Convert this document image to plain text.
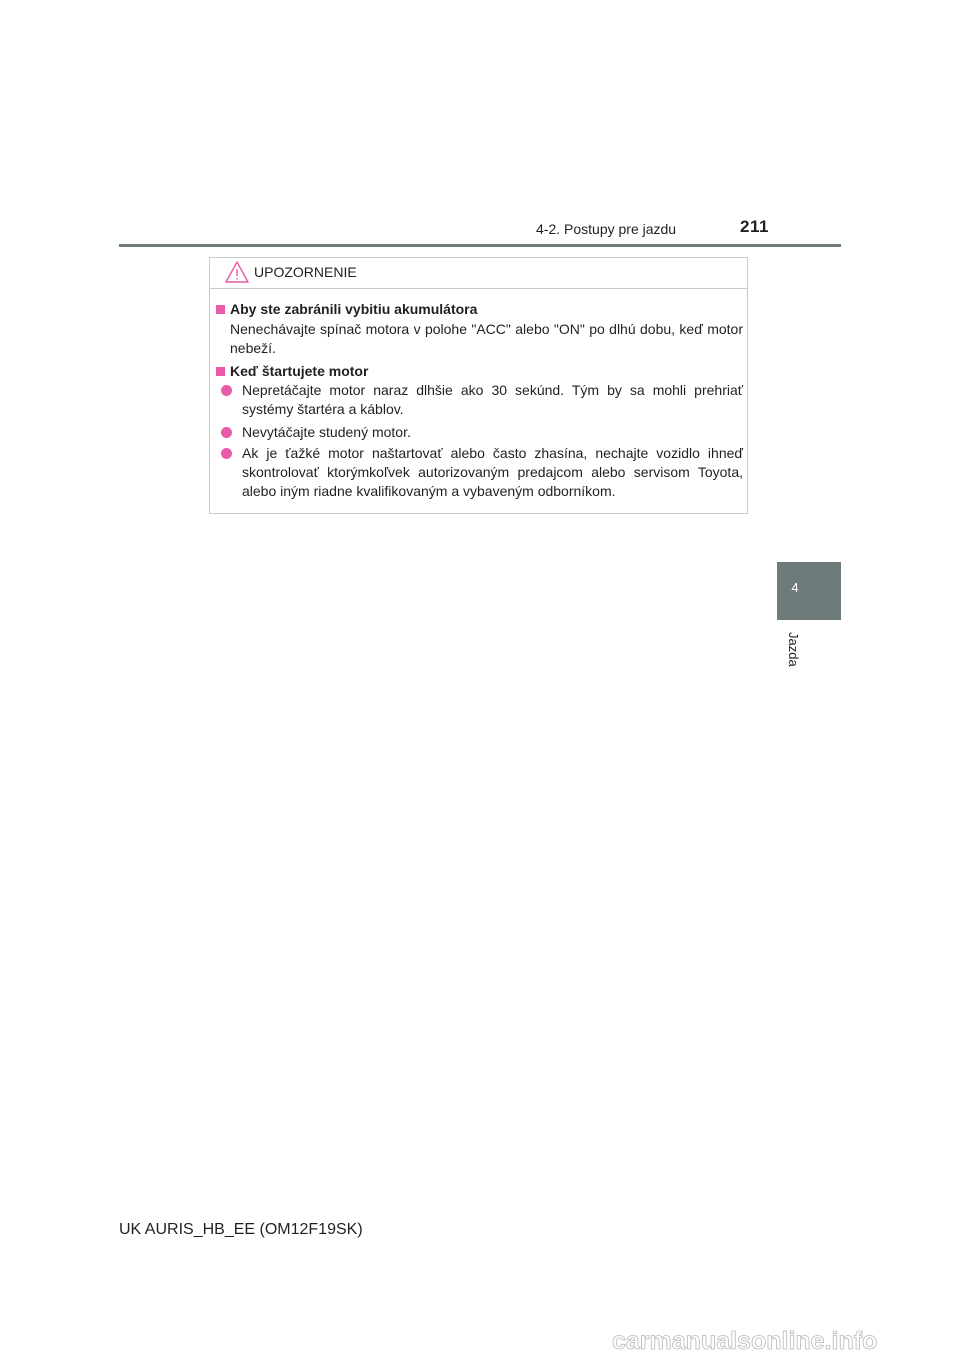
4-2. Postupy pre jazdu	211
4
Jazda
UPOZORNENIE
Aby ste zabránili vybitiu akumulátora
Nenechávajte spínač motora v polohe "ACC" alebo "ON" po dlhú dobu, keď motor nebeží.
Keď štartujete motor
Nepretáčajte motor naraz dlhšie ako 30 sekúnd. Tým by sa mohli prehriať systémy štartéra a káblov.
Nevytáčajte studený motor.
Ak je ťažké motor naštartovať alebo často zhasína, nechajte vozidlo ihneď skontrolovať ktorýmkoľvek autorizovaným predajcom alebo servisom Toyota, alebo iným riadne kvalifikovaným a vybaveným odborníkom.
UK AURIS_HB_EE (OM12F19SK)
carmanualsonline.info
